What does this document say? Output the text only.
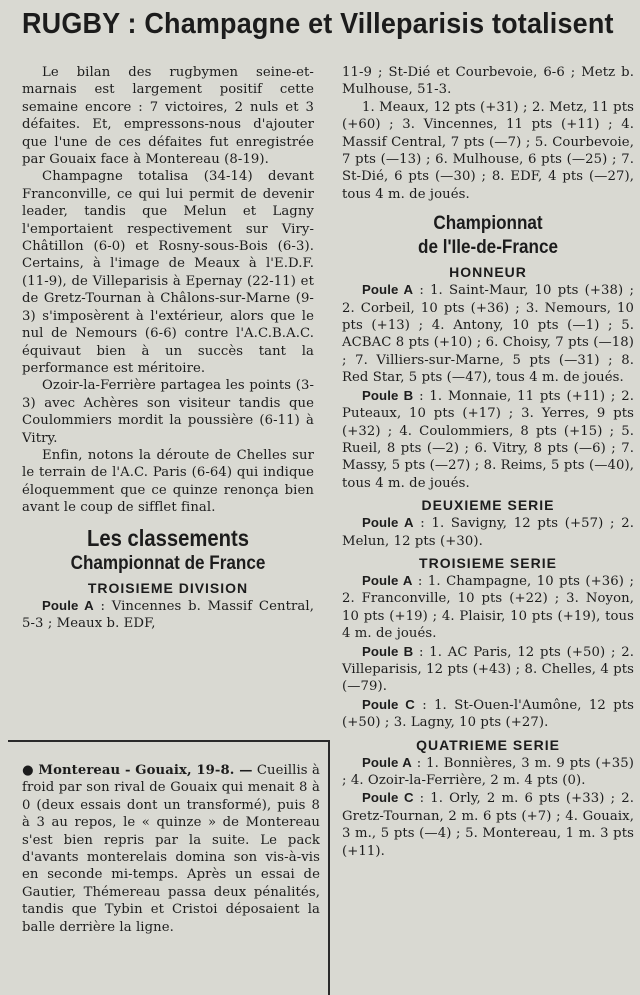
RUGBY : Champagne et Villeparisis totalisent

Le bilan des rugbymen seine-et-marnais est largement positif cette semaine encore : 7 victoires, 2 nuls et 3 défaites. Et, empressons-nous d'ajouter que l'une de ces défaites fut enregistrée par Gouaix face à Montereau (8-19).

Champagne totalisa (34-14) devant Franconville, ce qui lui permit de devenir leader, tandis que Melun et Lagny l'emportaient respectivement sur Viry-Châtillon (6-0) et Rosny-sous-Bois (6-3). Certains, à l'image de Meaux à l'E.D.F. (11-9), de Villeparisis à Epernay (22-11) et de Gretz-Tournan à Châlons-sur-Marne (9-3) s'imposèrent à l'extérieur, alors que le nul de Nemours (6-6) contre l'A.C.B.A.C. équivaut bien à un succès tant la performance est méritoire.

Ozoir-la-Ferrière partagea les points (3-3) avec Achères son visiteur tandis que Coulommiers mordit la poussière (6-11) à Vitry.

Enfin, notons la déroute de Chelles sur le terrain de l'A.C. Paris (6-64) qui indique éloquemment que ce quinze renonça bien avant le coup de sifflet final.

Les classements
Championnat de France
TROISIEME DIVISION

Poule A : Vincennes b. Massif Central, 5-3 ; Meaux b. EDF,

● Montereau - Gouaix, 19-8. — Cueillis à froid par son rival de Gouaix qui menait 8 à 0 (deux essais dont un transformé), puis 8 à 3 au repos, le « quinze » de Montereau s'est bien repris par la suite. Le pack d'avants monterelais domina son vis-à-vis en seconde mi-temps. Après un essai de Gautier, Thémereau passa deux pénalités, tandis que Tybin et Cristoi déposaient la balle derrière la ligne.

11-9 ; St-Dié et Courbevoie, 6-6 ; Metz b. Mulhouse, 51-3.

1. Meaux, 12 pts (+31) ; 2. Metz, 11 pts (+60) ; 3. Vincennes, 11 pts (+11) ; 4. Massif Central, 7 pts (—7) ; 5. Courbevoie, 7 pts (—13) ; 6. Mulhouse, 6 pts (—25) ; 7. St-Dié, 6 pts (—30) ; 8. EDF, 4 pts (—27), tous 4 m. de joués.

Championnat
de l'Ile-de-France
HONNEUR

Poule A : 1. Saint-Maur, 10 pts (+38) ; 2. Corbeil, 10 pts (+36) ; 3. Nemours, 10 pts (+13) ; 4. Antony, 10 pts (—1) ; 5. ACBAC 8 pts (+10) ; 6. Choisy, 7 pts (—18) ; 7. Villiers-sur-Marne, 5 pts (—31) ; 8. Red Star, 5 pts (—47), tous 4 m. de joués.

Poule B : 1. Monnaie, 11 pts (+11) ; 2. Puteaux, 10 pts (+17) ; 3. Yerres, 9 pts (+32) ; 4. Coulommiers, 8 pts (+15) ; 5. Rueil, 8 pts (—2) ; 6. Vitry, 8 pts (—6) ; 7. Massy, 5 pts (—27) ; 8. Reims, 5 pts (—40), tous 4 m. de joués.

DEUXIEME SERIE

Poule A : 1. Savigny, 12 pts (+57) ; 2. Melun, 12 pts (+30).

TROISIEME SERIE

Poule A : 1. Champagne, 10 pts (+36) ; 2. Franconville, 10 pts (+22) ; 3. Noyon, 10 pts (+19) ; 4. Plaisir, 10 pts (+19), tous 4 m. de joués.

Poule B : 1. AC Paris, 12 pts (+50) ; 2. Villeparisis, 12 pts (+43) ; 8. Chelles, 4 pts (—79).

Poule C : 1. St-Ouen-l'Aumône, 12 pts (+50) ; 3. Lagny, 10 pts (+27).

QUATRIEME SERIE

Poule A : 1. Bonnières, 3 m. 9 pts (+35) ; 4. Ozoir-la-Ferrière, 2 m. 4 pts (0).

Poule C : 1. Orly, 2 m. 6 pts (+33) ; 2. Gretz-Tournan, 2 m. 6 pts (+7) ; 4. Gouaix, 3 m., 5 pts (—4) ; 5. Montereau, 1 m. 3 pts (+11).
